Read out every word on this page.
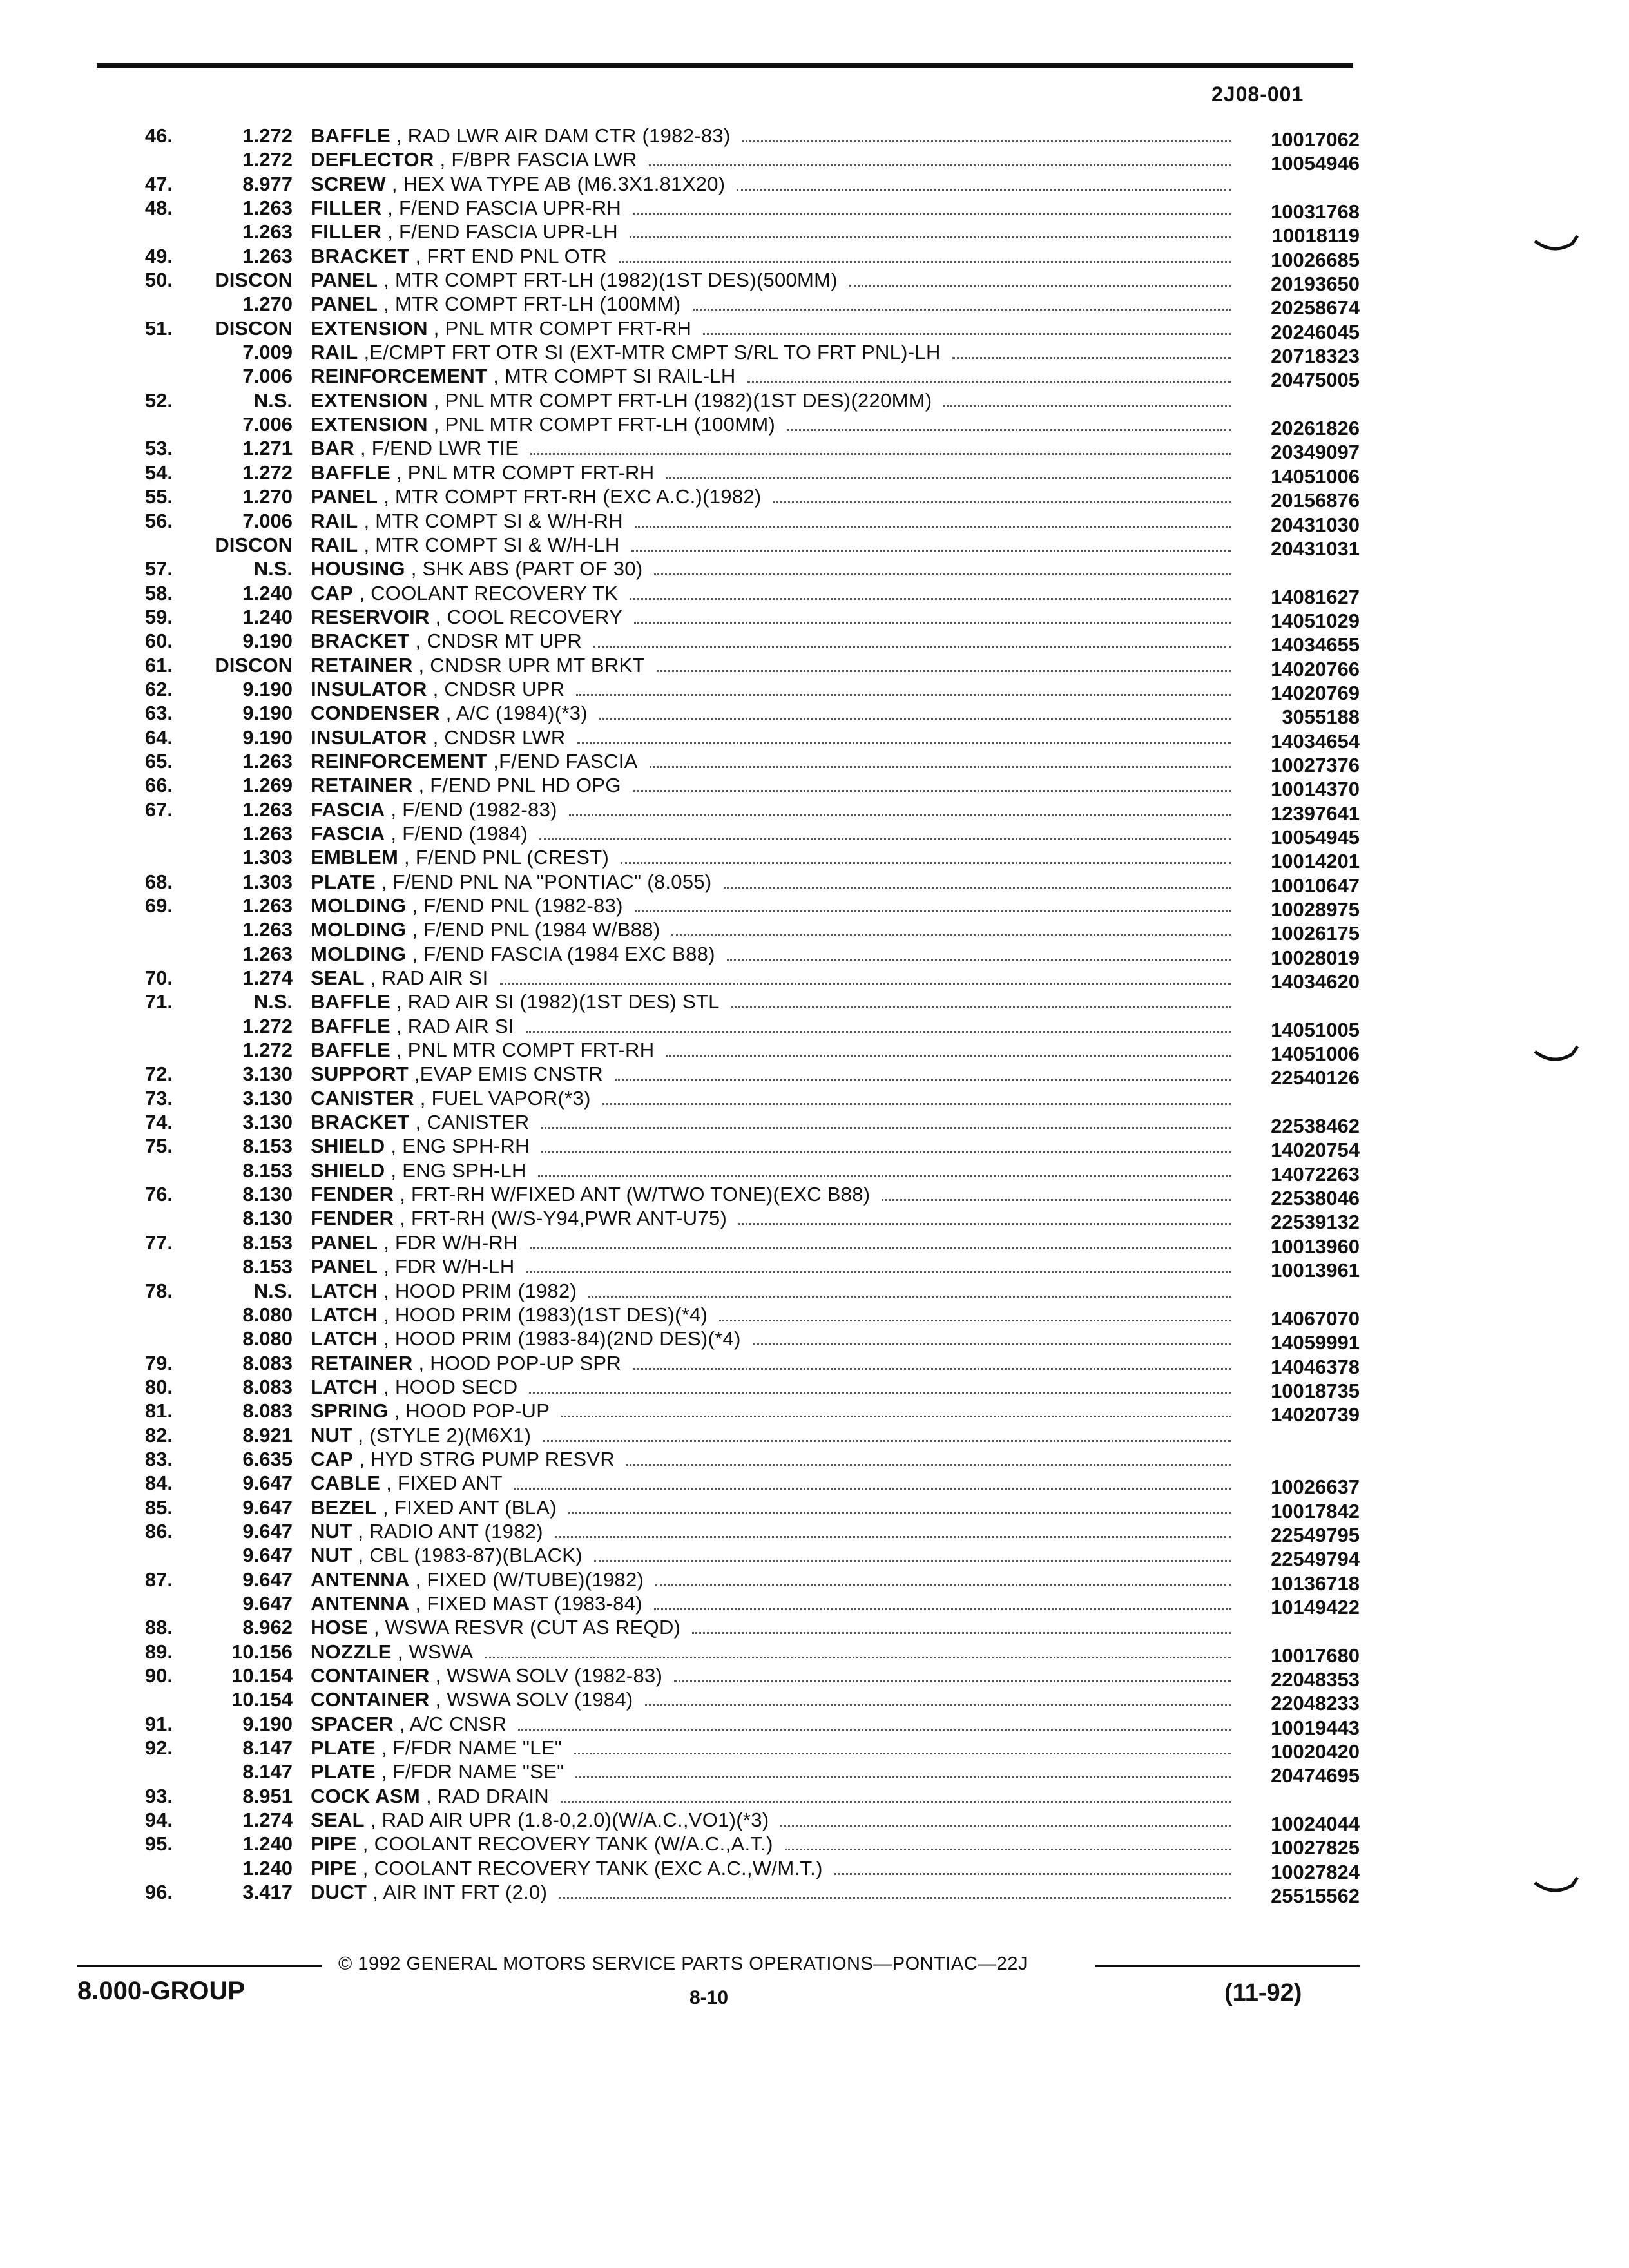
2J08-001
46.	1.272 BAFFLE , RAD LWR AIR DAM CTR (1982-83)	10017062
1.272 DEFLECTOR , F/BPR FASCIA LWR	10054946
47.	8.977 SCREW , HEX WA TYPE AB (M6.3X1.81X20)
48.	1.263 FILLER , F/END FASCIA UPR-RH	10031768
1.263 FILLER , F/END FASCIA UPR-LH	10018119
49.	1.263 BRACKET , FRT END PNL OTR	10026685
50.	DISCON PANEL , MTR COMPT FRT-LH (1982)(1ST DES)(500MM)	20193650
1.270 PANEL , MTR COMPT FRT-LH (100MM)	20258674
51.	DISCON EXTENSION , PNL MTR COMPT FRT-RH	20246045
7.009 RAIL ,E/CMPT FRT OTR SI (EXT-MTR CMPT S/RL TO FRT PNL)-LH	20718323
7.006 REINFORCEMENT , MTR COMPT SI RAIL-LH	20475005
52.	N.S. EXTENSION , PNL MTR COMPT FRT-LH (1982)(1ST DES)(220MM)
7.006 EXTENSION , PNL MTR COMPT FRT-LH (100MM)	20261826
53.	1.271 BAR , F/END LWR TIE	20349097
54.	1.272 BAFFLE , PNL MTR COMPT FRT-RH	14051006
55.	1.270 PANEL , MTR COMPT FRT-RH (EXC A.C.)(1982)	20156876
56.	7.006 RAIL , MTR COMPT SI & W/H-RH	20431030
DISCON RAIL , MTR COMPT SI & W/H-LH	20431031
57.	N.S. HOUSING , SHK ABS (PART OF 30)
58.	1.240 CAP , COOLANT RECOVERY TK	14081627
59.	1.240 RESERVOIR , COOL RECOVERY	14051029
60.	9.190 BRACKET , CNDSR MT UPR	14034655
61.	DISCON RETAINER , CNDSR UPR MT BRKT	14020766
62.	9.190 INSULATOR , CNDSR UPR	14020769
63.	9.190 CONDENSER , A/C (1984)(*3)	3055188
64.	9.190 INSULATOR , CNDSR LWR	14034654
65.	1.263 REINFORCEMENT ,F/END FASCIA	10027376
66.	1.269 RETAINER , F/END PNL HD OPG	10014370
67.	1.263 FASCIA , F/END (1982-83)	12397641
1.263 FASCIA , F/END (1984)	10054945
1.303 EMBLEM , F/END PNL (CREST)	10014201
68.	1.303 PLATE , F/END PNL NA "PONTIAC" (8.055)	10010647
69.	1.263 MOLDING , F/END PNL (1982-83)	10028975
1.263 MOLDING , F/END PNL (1984 W/B88)	10026175
1.263 MOLDING , F/END FASCIA (1984 EXC B88)	10028019
70.	1.274 SEAL , RAD AIR SI	14034620
71.	N.S. BAFFLE , RAD AIR SI (1982)(1ST DES) STL
1.272 BAFFLE , RAD AIR SI	14051005
1.272 BAFFLE , PNL MTR COMPT FRT-RH	14051006
72.	3.130 SUPPORT ,EVAP EMIS CNSTR	22540126
73.	3.130 CANISTER , FUEL VAPOR(*3)
74.	3.130 BRACKET , CANISTER	22538462
75.	8.153 SHIELD , ENG SPH-RH	14020754
8.153 SHIELD , ENG SPH-LH	14072263
76.	8.130 FENDER , FRT-RH W/FIXED ANT (W/TWO TONE)(EXC B88)	22538046
8.130 FENDER , FRT-RH (W/S-Y94,PWR ANT-U75)	22539132
77.	8.153 PANEL , FDR W/H-RH	10013960
8.153 PANEL , FDR W/H-LH	10013961
78.	N.S. LATCH , HOOD PRIM (1982)
8.080 LATCH , HOOD PRIM (1983)(1ST DES)(*4)	14067070
8.080 LATCH , HOOD PRIM (1983-84)(2ND DES)(*4)	14059991
79.	8.083 RETAINER , HOOD POP-UP SPR	14046378
80.	8.083 LATCH , HOOD SECD	10018735
81.	8.083 SPRING , HOOD POP-UP	14020739
82.	8.921 NUT , (STYLE 2)(M6X1)
83.	6.635 CAP , HYD STRG PUMP RESVR
84.	9.647 CABLE , FIXED ANT	10026637
85.	9.647 BEZEL , FIXED ANT (BLA)	10017842
86.	9.647 NUT , RADIO ANT (1982)	22549795
9.647 NUT , CBL (1983-87)(BLACK)	22549794
87.	9.647 ANTENNA , FIXED (W/TUBE)(1982)	10136718
9.647 ANTENNA , FIXED MAST (1983-84)	10149422
88.	8.962 HOSE , WSWA RESVR (CUT AS REQD)
89.	10.156 NOZZLE , WSWA	10017680
90.	10.154 CONTAINER , WSWA SOLV (1982-83)	22048353
10.154 CONTAINER , WSWA SOLV (1984)	22048233
91.	9.190 SPACER , A/C CNSR	10019443
92.	8.147 PLATE , F/FDR NAME "LE"	10020420
8.147 PLATE , F/FDR NAME "SE"	20474695
93.	8.951 COCK ASM , RAD DRAIN
94.	1.274 SEAL , RAD AIR UPR (1.8-0,2.0)(W/A.C.,VO1)(*3)	10024044
95.	1.240 PIPE , COOLANT RECOVERY TANK (W/A.C.,A.T.)	10027825
1.240 PIPE , COOLANT RECOVERY TANK (EXC A.C.,W/M.T.)	10027824
96.	3.417 DUCT , AIR INT FRT (2.0)	25515562
© 1992 GENERAL MOTORS SERVICE PARTS OPERATIONS—PONTIAC—22J
8.000-GROUP	8-10	(11-92)
